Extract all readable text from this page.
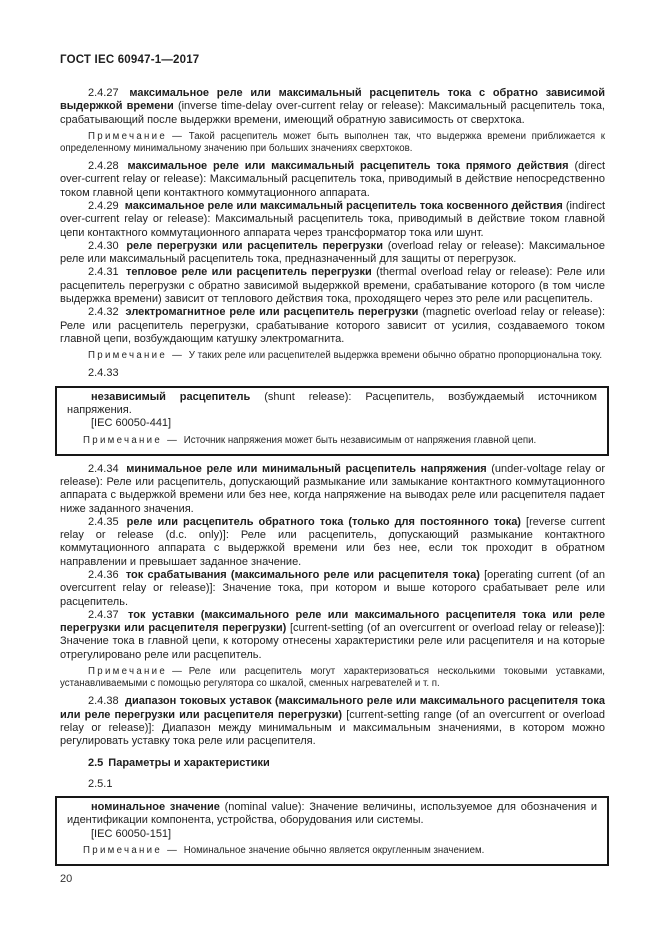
ГОСТ IEC 60947-1—2017

2.4.27 максимальное реле или максимальный расцепитель тока с обратно зависимой выдержкой времени (inverse time-delay over-current relay or release): Максимальный расцепитель тока, срабатывающий после выдержки времени, имеющий обратную зависимость от сверхтока.

Примечание — Такой расцепитель может быть выполнен так, что выдержка времени приближается к определенному минимальному значению при больших значениях сверхтоков.

2.4.28 максимальное реле или максимальный расцепитель тока прямого действия (direct over-current relay or release): Максимальный расцепитель тока, приводимый в действие непосредственно током главной цепи контактного коммутационного аппарата.

2.4.29 максимальное реле или максимальный расцепитель тока косвенного действия (indirect over-current relay or release): Максимальный расцепитель тока, приводимый в действие током главной цепи контактного коммутационного аппарата через трансформатор тока или шунт.

2.4.30 реле перегрузки или расцепитель перегрузки (overload relay or release): Максимальное реле или максимальный расцепитель тока, предназначенный для защиты от перегрузок.

2.4.31 тепловое реле или расцепитель перегрузки (thermal overload relay or release): Реле или расцепитель перегрузки с обратно зависимой выдержкой времени, срабатывание которого (в том числе выдержка времени) зависит от теплового действия тока, проходящего через это реле или расцепитель.

2.4.32 электромагнитное реле или расцепитель перегрузки (magnetic overload relay or release): Реле или расцепитель перегрузки, срабатывание которого зависит от усилия, создаваемого током главной цепи, возбуждающим катушку электромагнита.

Примечание — У таких реле или расцепителей выдержка времени обычно обратно пропорциональна току.

2.4.33

независимый расцепитель (shunt release): Расцепитель, возбуждаемый источником напряжения.

[IEC 60050-441]

Примечание — Источник напряжения может быть независимым от напряжения главной цепи.

2.4.34 минимальное реле или минимальный расцепитель напряжения (under-voltage relay or release): Реле или расцепитель, допускающий размыкание или замыкание контактного коммутационного аппарата с выдержкой времени или без нее, когда напряжение на выводах реле или расцепителя падает ниже заданного значения.

2.4.35 реле или расцепитель обратного тока (только для постоянного тока) [reverse current relay or release (d.c. only)]: Реле или расцепитель, допускающий размыкание контактного коммутационного аппарата с выдержкой времени или без нее, если ток проходит в обратном направлении и превышает заданное значение.

2.4.36 ток срабатывания (максимального реле или расцепителя тока) [operating current (of an overcurrent relay or release)]: Значение тока, при котором и выше которого срабатывает реле или расцепитель.

2.4.37 ток уставки (максимального реле или максимального расцепителя тока или реле перегрузки или расцепителя перегрузки) [current-setting (of an overcurrent or overload relay or release)]: Значение тока в главной цепи, к которому отнесены характеристики реле или расцепителя и на которые отрегулировано реле или расцепитель.

Примечание — Реле или расцепитель могут характеризоваться несколькими токовыми уставками, устанавливаемыми с помощью регулятора со шкалой, сменных нагревателей и т. п.

2.4.38 диапазон токовых уставок (максимального реле или максимального расцепителя тока или реле перегрузки или расцепителя перегрузки) [current-setting range (of an overcurrent or overload relay or release)]: Диапазон между минимальным и максимальным значениями, в котором можно регулировать уставку тока реле или расцепителя.

2.5 Параметры и характеристики

2.5.1

номинальное значение (nominal value): Значение величины, используемое для обозначения и идентификации компонента, устройства, оборудования или системы.

[IEC 60050-151]

Примечание — Номинальное значение обычно является округленным значением.

20
